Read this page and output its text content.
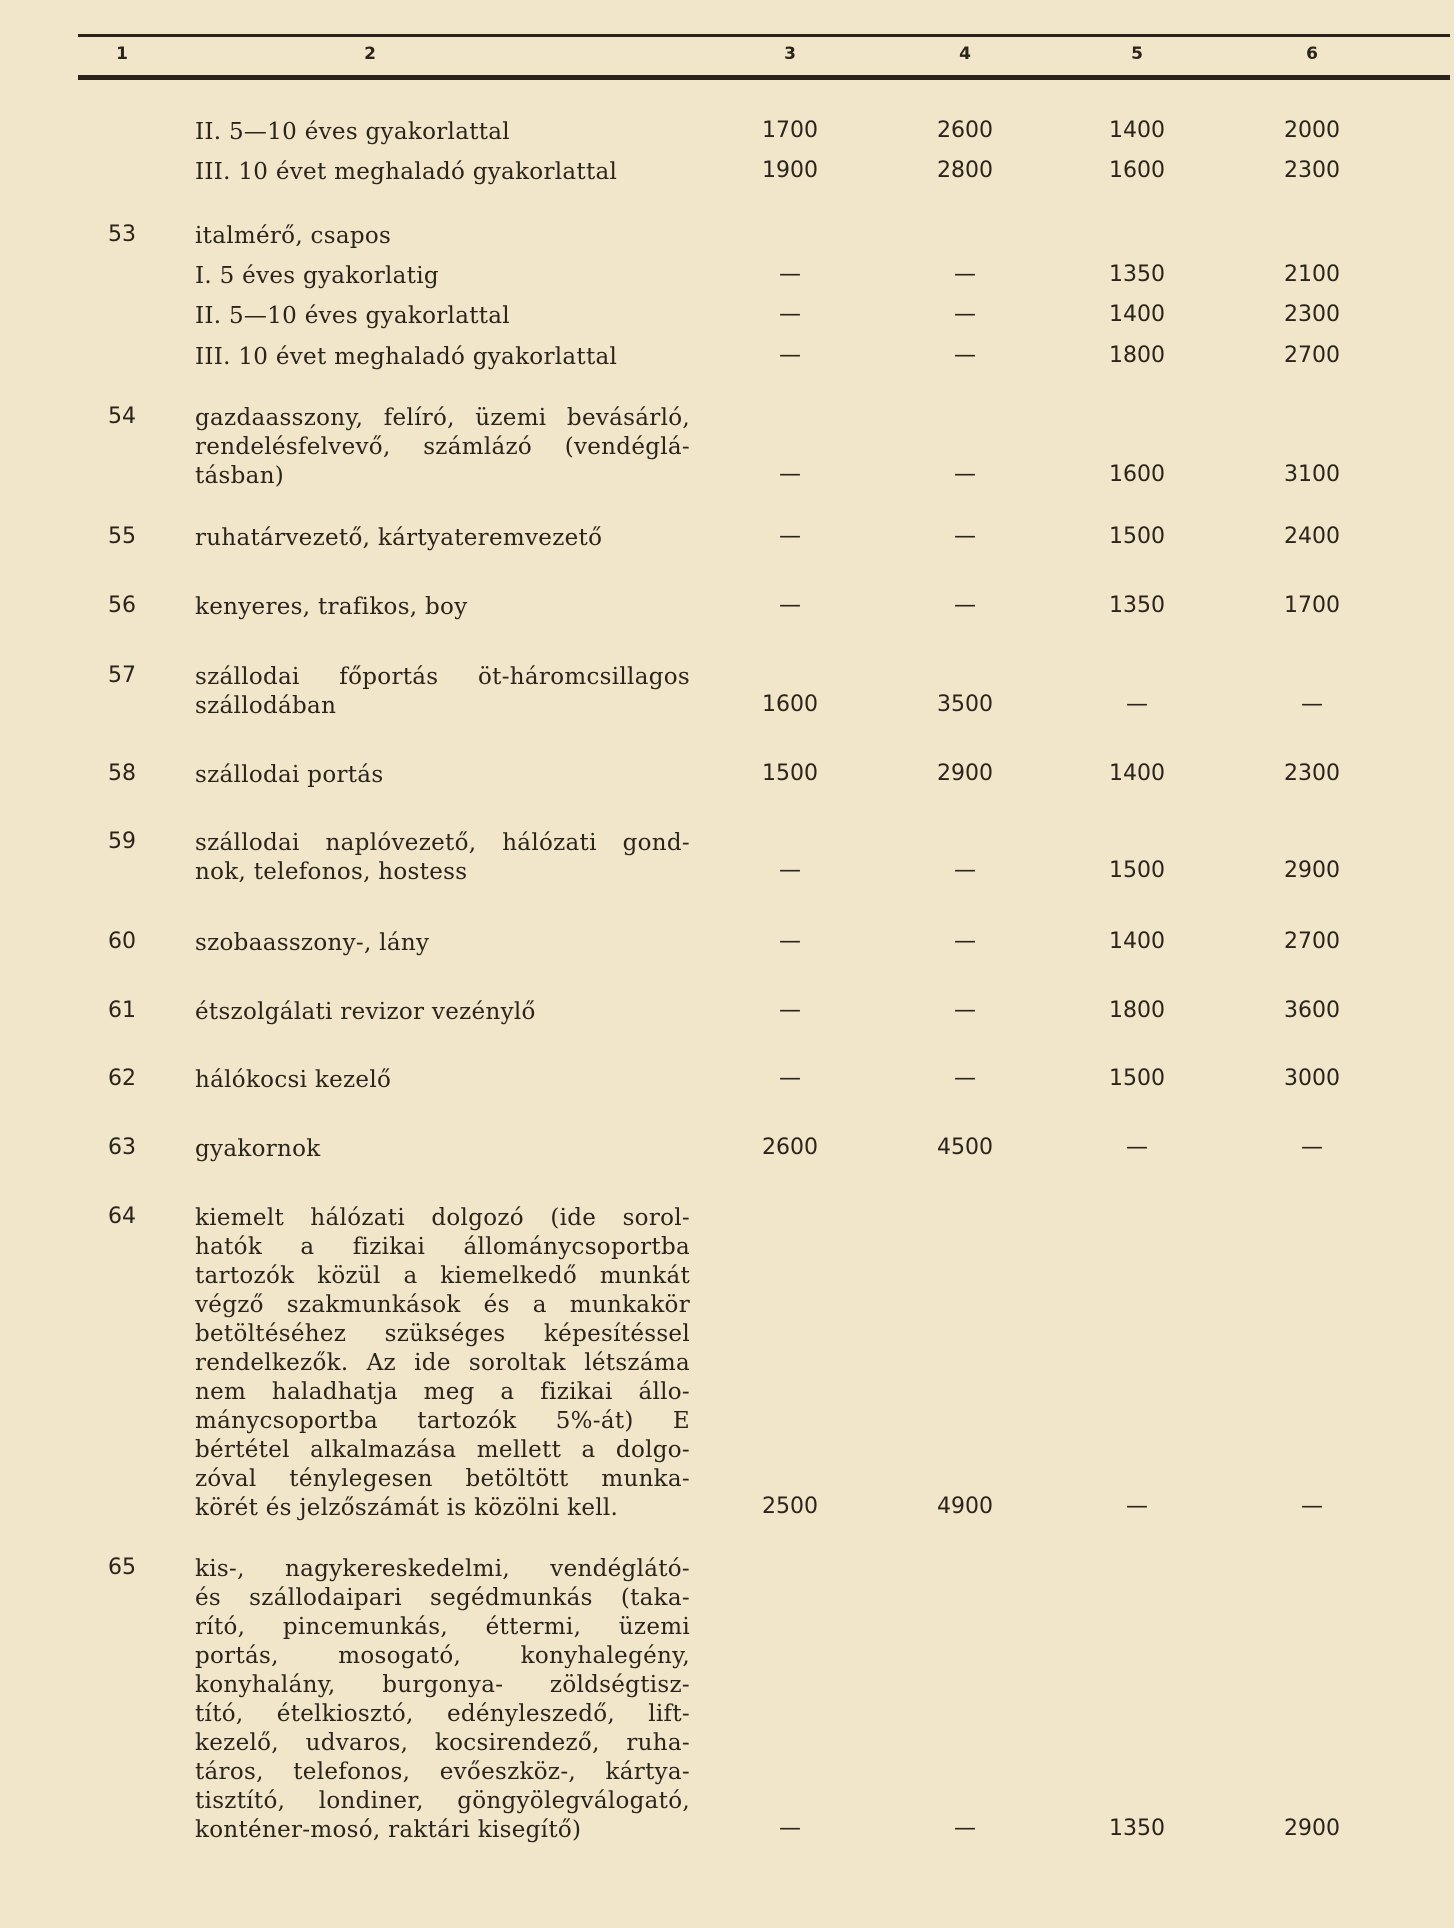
1	2	3	4	5	6
II. 5—10 éves gyakorlattal	1700	2600	1400	2000
III. 10 évet meghaladó gyakorlattal	1900	2800	1600	2300
53	italmérő, csapos
I. 5 éves gyakorlatig	—	—	1350	2100
II. 5—10 éves gyakorlattal	—	—	1400	2300
III. 10 évet meghaladó gyakorlattal	—	—	1800	2700
54	gazdaasszony, felíró, üzemi bevásárló,
rendelésfelvevő, számlázó (vendéglá-
tásban)	—	—	1600	3100
55	ruhatárvezető, kártyateremvezető	—	—	1500	2400
56	kenyeres, trafikos, boy	—	—	1350	1700
57	szállodai főportás öt-háromcsillagos
szállodában	1600	3500	—	—
58	szállodai portás	1500	2900	1400	2300
59	szállodai naplóvezető, hálózati gond-
nok, telefonos, hostess	—	—	1500	2900
60	szobaasszony-, lány	—	—	1400	2700
61	étszolgálati revizor vezénylő	—	—	1800	3600
62	hálókocsi kezelő	—	—	1500	3000
63	gyakornok	2600	4500	—	—
64	kiemelt hálózati dolgozó (ide sorol-
hatók a fizikai állománycsoportba
tartozók közül a kiemelkedő munkát
végző szakmunkások és a munkakör
betöltéséhez szükséges képesítéssel
rendelkezők. Az ide soroltak létszáma
nem haladhatja meg a fizikai állo-
mánycsoportba tartozók 5%-át) E
bértétel alkalmazása mellett a dolgo-
zóval ténylegesen betöltött munka-
körét és jelzőszámát is közölni kell.	2500	4900	—	—
65	kis-, nagykereskedelmi, vendéglátó-
és szállodaipari segédmunkás (taka-
rító, pincemunkás, éttermi, üzemi
portás, mosogató, konyhalegény,
konyhalány, burgonya- zöldségtisz-
tító, ételkiosztó, edényleszedő, lift-
kezelő, udvaros, kocsirendező, ruha-
táros, telefonos, evőeszköz-, kártya-
tisztító, londiner, göngyölegválogató,
konténer-mosó, raktári kisegítő)	—	—	1350	2900
